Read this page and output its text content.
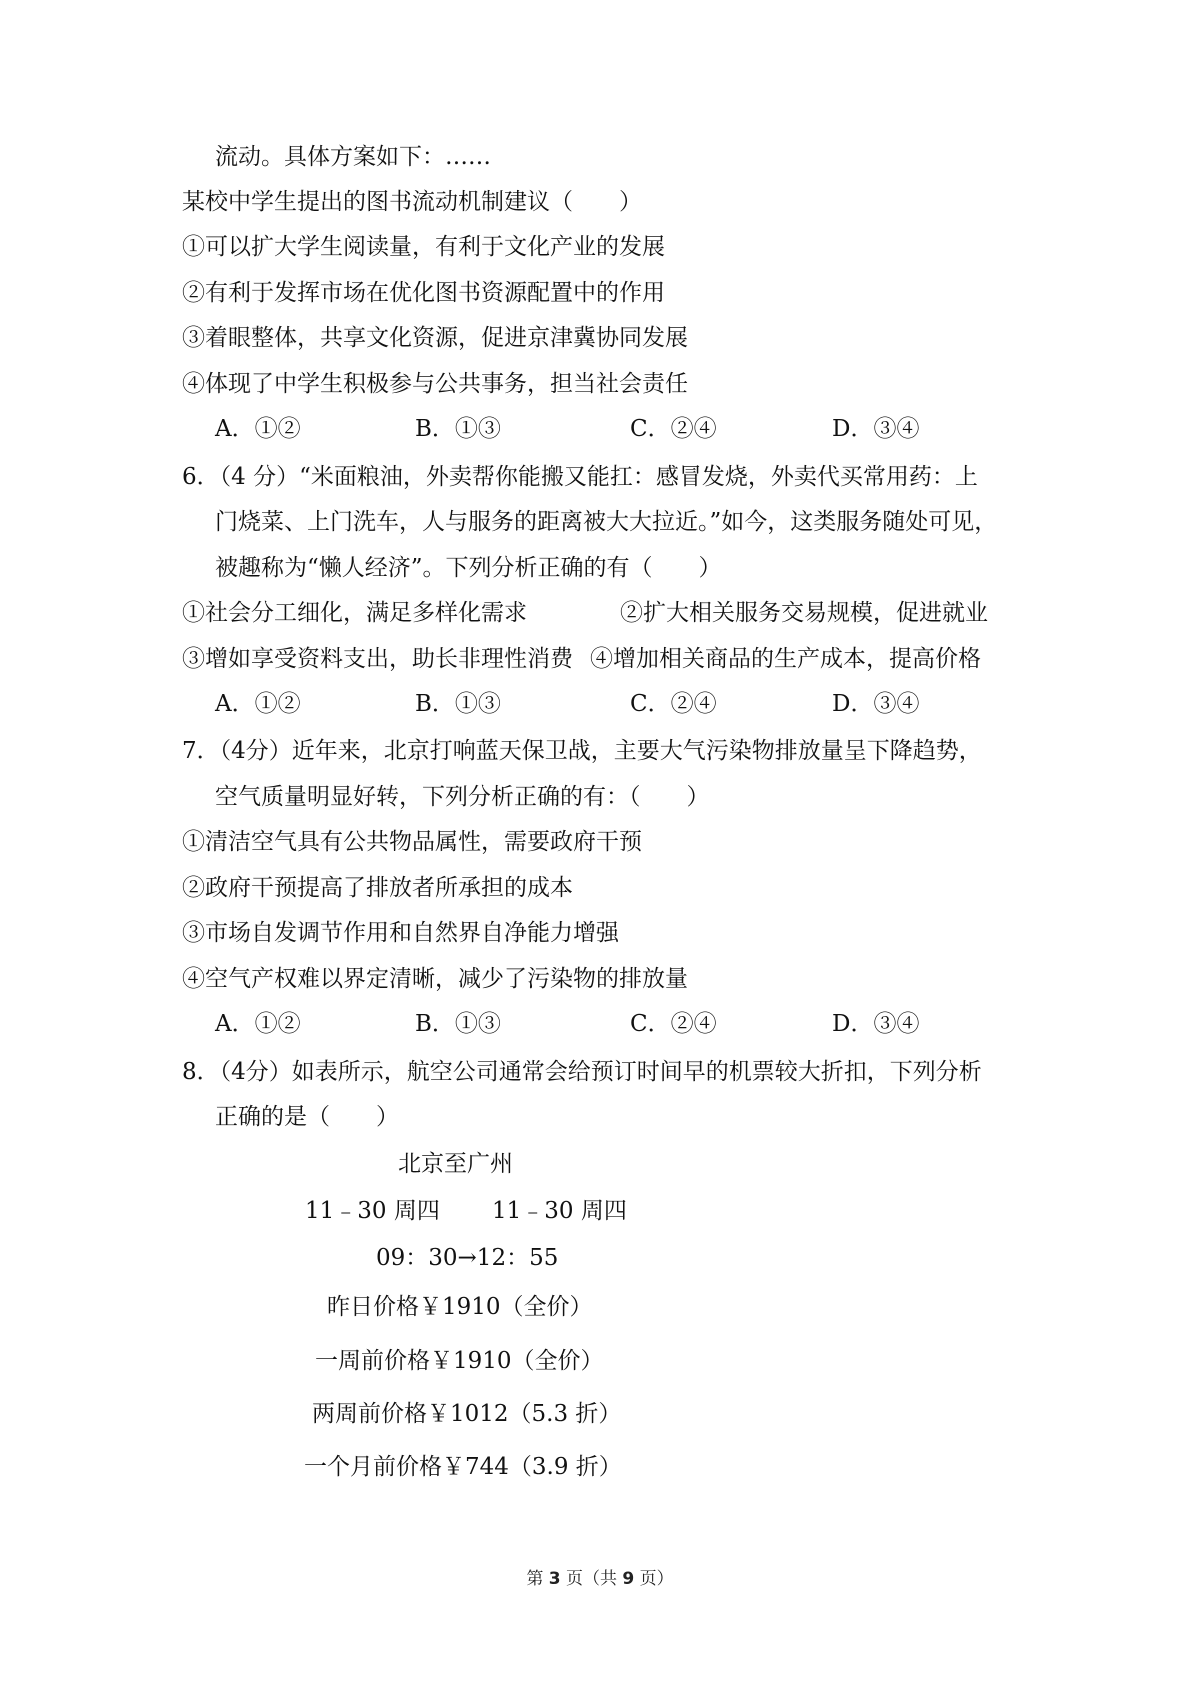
流动。具体方案如下：……
某校中学生提出的图书流动机制建议（　　）
①可以扩大学生阅读量，有利于文化产业的发展
②有利于发挥市场在优化图书资源配置中的作用
③着眼整体，共享文化资源，促进京津冀协同发展
④体现了中学生积极参与公共事务，担当社会责任
A．①②	B．①③	C．②④	D．③④
6．（4 分）“米面粮油，外卖帮你能搬又能扛：感冒发烧，外卖代买常用药：上
门烧菜、上门洗车，人与服务的距离被大大拉近。”如今，这类服务随处可见，
被趣称为“懒人经济”。下列分析正确的有（　　）
①社会分工细化，满足多样化需求	②扩大相关服务交易规模，促进就业
③增如享受资料支出，助长非理性消费 ④增加相关商品的生产成本，提高价格
A．①②	B．①③	C．②④	D．③④
7．（4分）近年来，北京打响蓝天保卫战，主要大气污染物排放量呈下降趋势，
空气质量明显好转，下列分析正确的有：（　　）
①清洁空气具有公共物品属性，需要政府干预
②政府干预提高了排放者所承担的成本
③市场自发调节作用和自然界自净能力增强
④空气产权难以界定清晰，减少了污染物的排放量
A．①②	B．①③	C．②④	D．③④
8．（4分）如表所示，航空公司通常会给预订时间早的机票较大折扣，下列分析
正确的是（　　）
北京至广州
11﹣30 周四 11﹣30 周四
09：30→12：55
昨日价格￥1910（全价）
一周前价格￥1910（全价）
两周前价格￥1012（5.3 折）
一个月前价格￥744（3.9 折）
第 3 页（共 9 页）
